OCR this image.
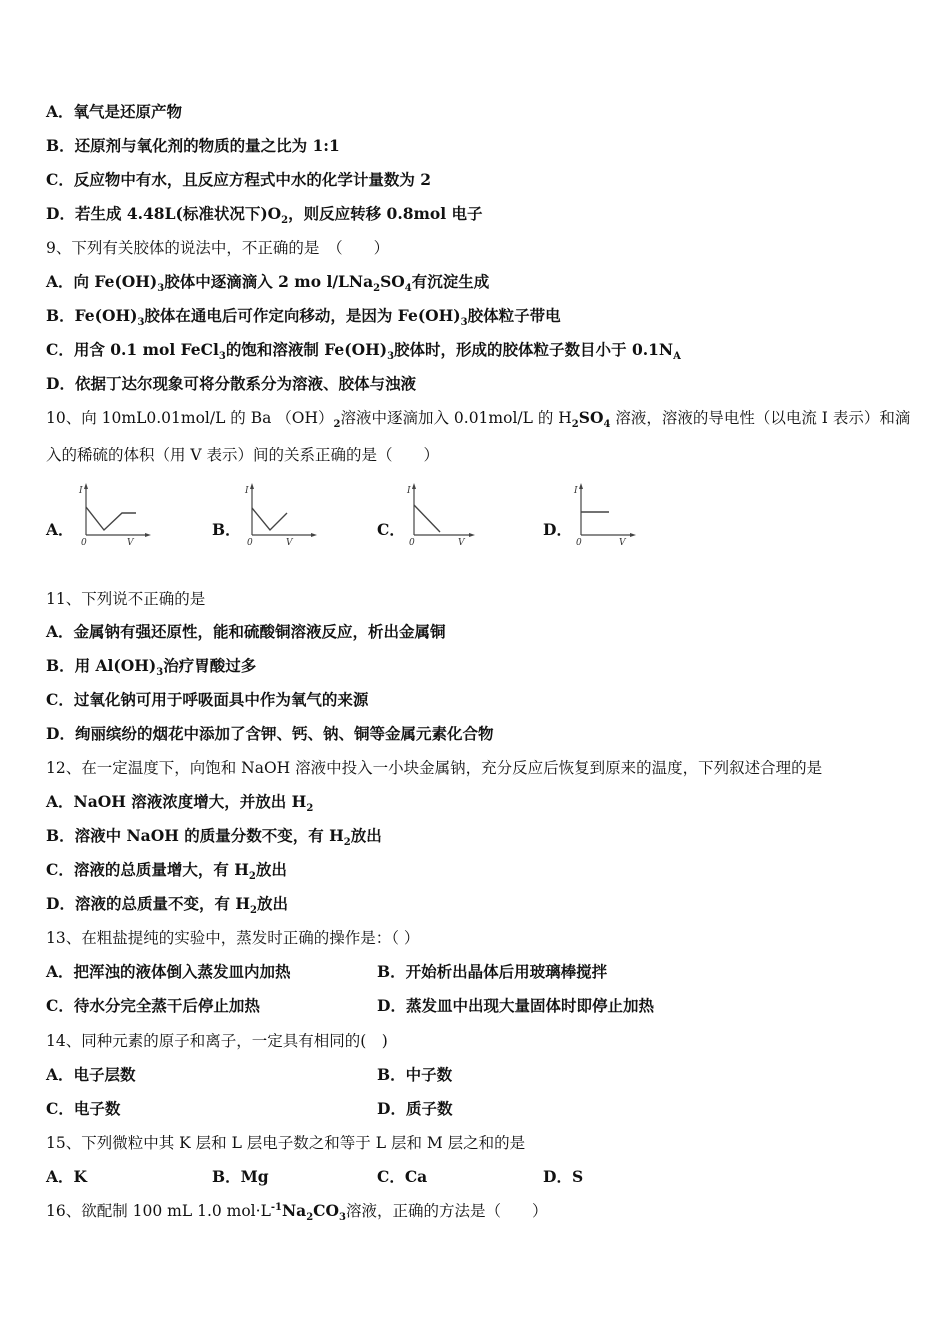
A．氧气是还原产物
B．还原剂与氧化剂的物质的量之比为 1:1
C．反应物中有水，且反应方程式中水的化学计量数为 2
D．若生成 4.48L(标准状况下)$O_2$，则反应转移 0.8mol 电子
9、下列有关胶体的说法中，不正确的是　（　　）
A．向 $Fe(OH)_3$胶体中逐滴滴入 2 mo $l/LNa_2SO_4$有沉淀生成
B．$Fe(OH)_3$胶体在通电后可作定向移动，是因为 $Fe(OH)_3$胶体粒子带电
C．用含 0.1 mol FeCl$_3$的饱和溶液制 $Fe(OH)_3$胶体时，形成的胶体粒子数目小于 $0.1N_A$
D．依据丁达尔现象可将分散系分为溶液、胶体与浊液
10、向 10mL0.01mol/L 的 Ba $(OH)_2$溶液中逐滴加入 0.01mol/L 的 $H_2SO_4$ 溶液，溶液的导电性（以电流 I 表示）和滴
入的稀硫的体积（用 V 表示）间的关系正确的是（　　）
A．
I
V
0
B．
I
V
0
C．
I
V
0
D．
I
V
0
11、下列说不正确的是
A．金属钠有强还原性，能和硫酸铜溶液反应，析出金属铜
B．用 $Al(OH)_3$治疗胃酸过多
C．过氧化钠可用于呼吸面具中作为氧气的来源
D．绚丽缤纷的烟花中添加了含钾、钙、钠、铜等金属元素化合物
12、在一定温度下，向饱和 NaOH 溶液中投入一小块金属钠，充分反应后恢复到原来的温度，下列叙述合理的是
A．NaOH 溶液浓度增大，并放出 $H_2$
B．溶液中 NaOH 的质量分数不变，有 $H_2$放出
C．溶液的总质量增大，有 $H_2$放出
D．溶液的总质量不变，有 $H_2$放出
13、在粗盐提纯的实验中，蒸发时正确的操作是：（ ）
A．把浑浊的液体倒入蒸发皿内加热	B．开始析出晶体后用玻璃棒搅拌
C．待水分完全蒸干后停止加热	D．蒸发皿中出现大量固体时即停止加热
14、同种元素的原子和离子，一定具有相同的(　)
A．电子层数	B．中子数
C．电子数	D．质子数
15、下列微粒中其 K 层和 L 层电子数之和等于 L 层和 M 层之和的是
A．K	B．Mg	C．Ca	D．S
16、欲配制 100 mL 1.0 $mol\cdot L^{-1}Na_2CO_3$溶液，正确的方法是（　　）
